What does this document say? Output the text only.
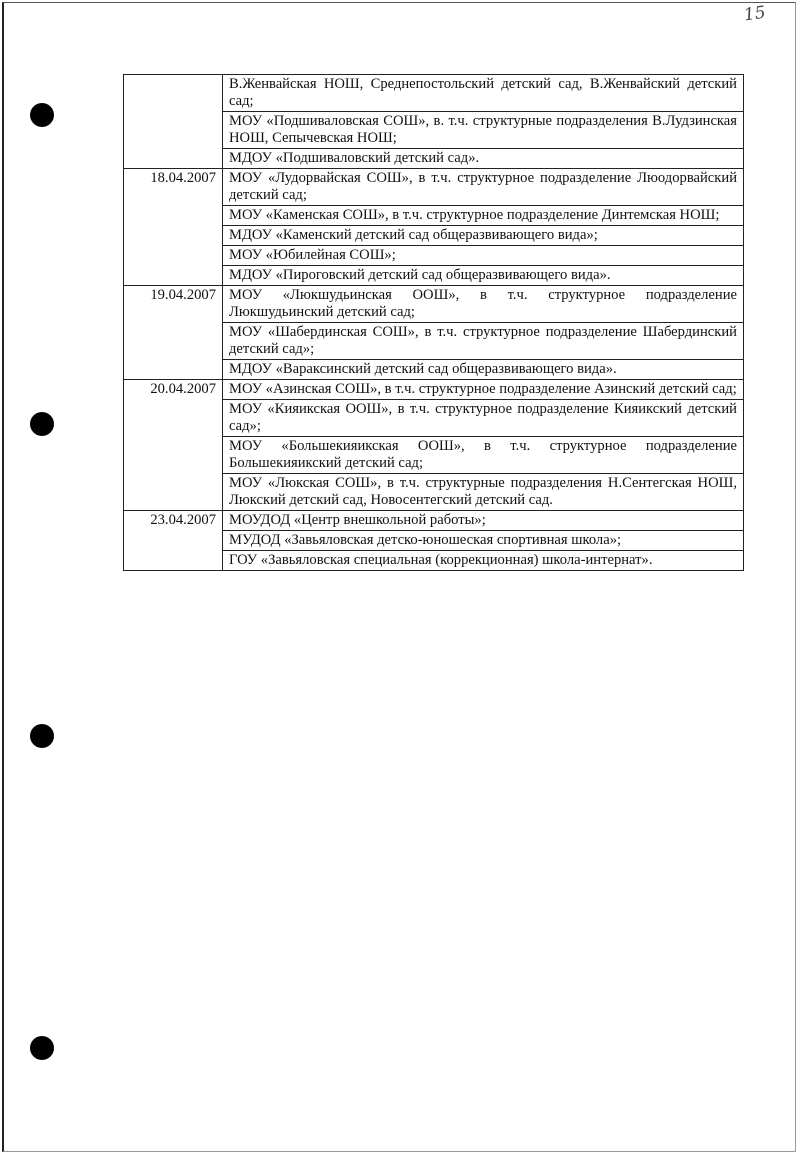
15
	В.Женвайская НОШ, Среднепостольский детский сад, В.Женвайский детский сад;
	МОУ «Подшиваловская СОШ», в. т.ч. структурные подразделения В.Лудзинская НОШ, Сепычевская НОШ;
	МДОУ «Подшиваловский детский сад».
18.04.2007	МОУ «Лудорвайская СОШ», в т.ч. структурное подразделение Люодорвайский детский сад;
	МОУ «Каменская СОШ», в т.ч. структурное подразделение Динтемская НОШ;
	МДОУ «Каменский детский сад общеразвивающего вида»;
	МОУ «Юбилейная СОШ»;
	МДОУ «Пироговский детский сад общеразвивающего вида».
19.04.2007	МОУ «Люкшудьинская ООШ», в т.ч. структурное подразделение Люкшудьинский детский сад;
	МОУ «Шабердинская СОШ», в т.ч. структурное подразделение Шабердинский детский сад»;
	МДОУ «Вараксинский детский сад общеразвивающего вида».
20.04.2007	МОУ «Азинская СОШ», в т.ч. структурное подразделение Азинский детский сад;
	МОУ «Кияикская ООШ», в т.ч. структурное подразделение Кияикский детский сад»;
	МОУ «Большекияикская ООШ», в т.ч. структурное подразделение Большекияикский детский сад;
	МОУ «Люкская СОШ», в т.ч. структурные подразделения Н.Сентегская НОШ, Люкский детский сад, Новосентегский детский сад.
23.04.2007	МОУДОД «Центр внешкольной работы»;
	МУДОД «Завьяловская детско-юношеская спортивная школа»;
	ГОУ «Завьяловская специальная (коррекционная) школа-интернат».
